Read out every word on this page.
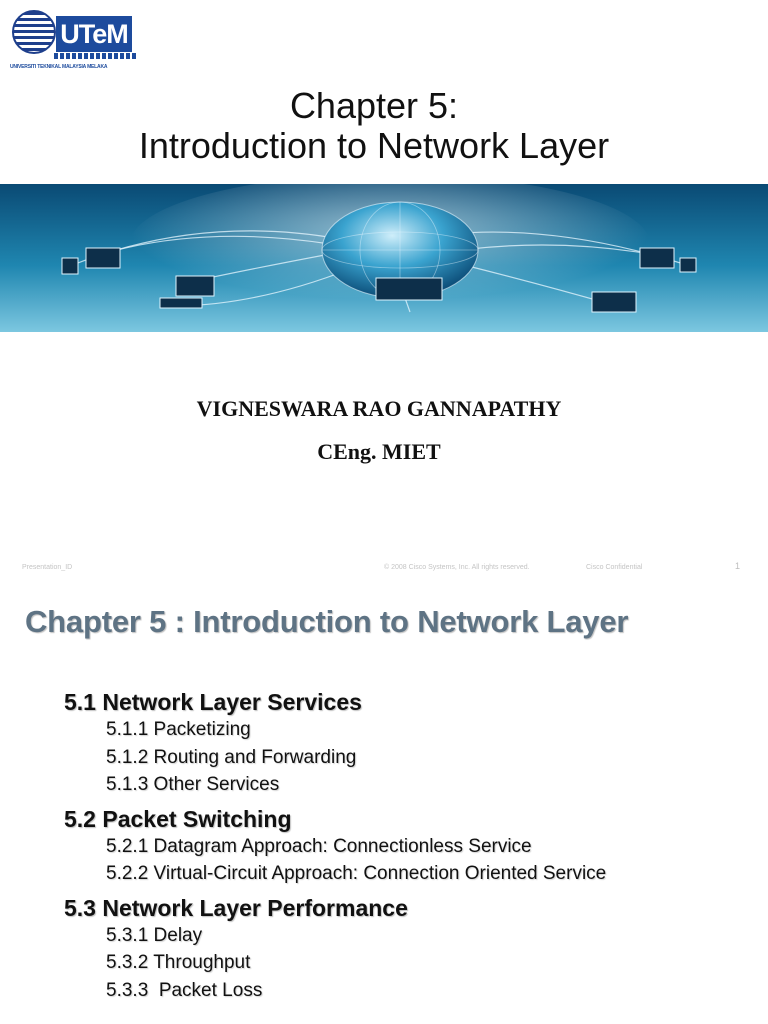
UTeM
UNIVERSITI TEKNIKAL MALAYSIA MELAKA
Chapter 5:
Introduction to Network Layer
VIGNESWARA RAO GANNAPATHY
CEng. MIET
Presentation_ID	© 2008 Cisco Systems, Inc. All rights reserved.	Cisco Confidential	1
Chapter 5 : Introduction to Network Layer
5.1 Network Layer Services
5.1.1 Packetizing
5.1.2 Routing and Forwarding
5.1.3 Other Services
5.2 Packet Switching
5.2.1 Datagram Approach: Connectionless Service
5.2.2 Virtual-Circuit Approach: Connection Oriented Service
5.3 Network Layer Performance
5.3.1 Delay
5.3.2 Throughput
5.3.3  Packet Loss
